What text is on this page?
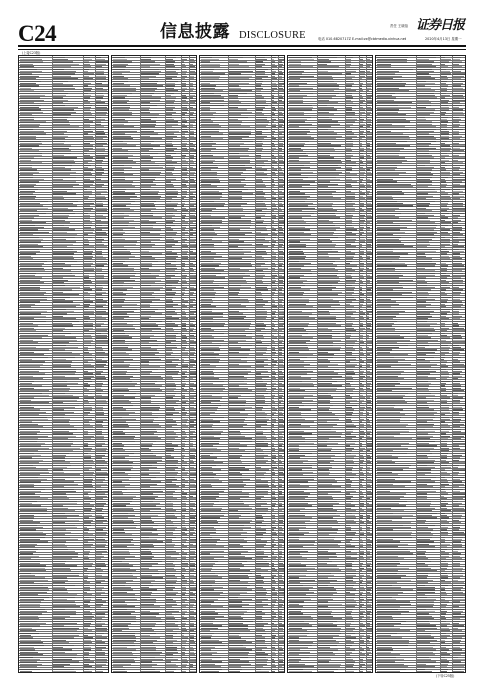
C24	信息披露 DISCLOSURE
责任 王晓蓓
电话 010-6820717Z E-mail:zx@cbtmedia.xinhua.net	2020年4月13日 星期一
证券日报
(上接C23版)
(下转C25版)
